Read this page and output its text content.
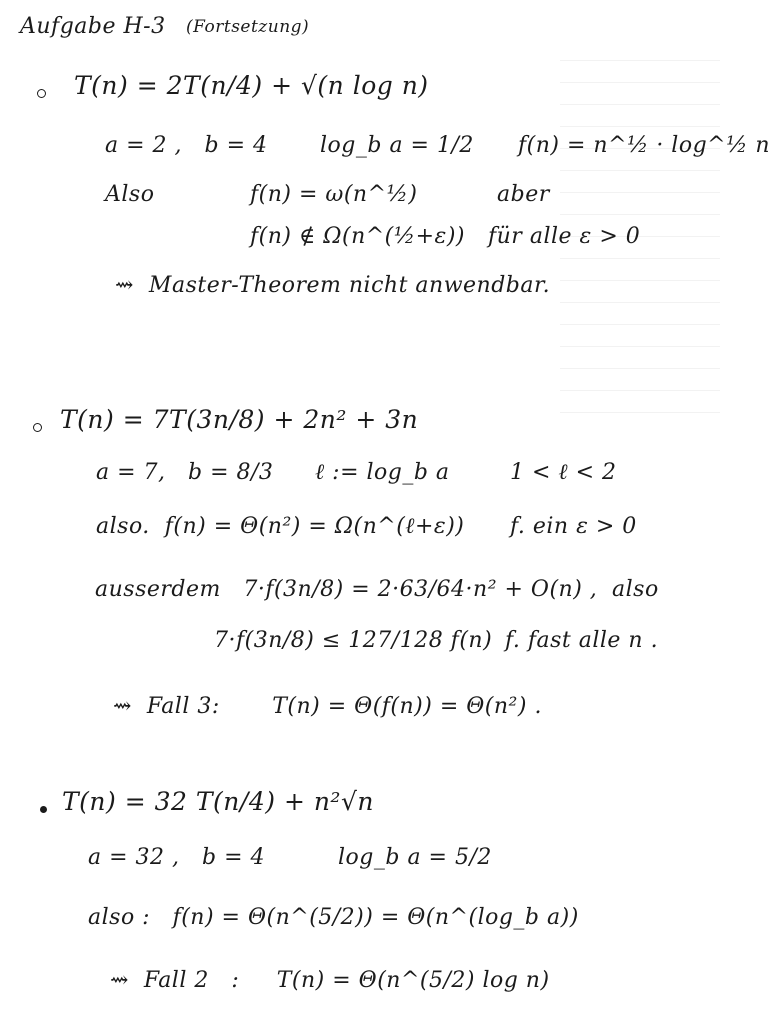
Aufgabe H-3 (Fortsetzung)
T(n) = 2T(n/4) + √(n log n)
a = 2 ,   b = 4 log_b a = 1/2 f(n) = n^½ · log^½ n
Also	f(n) = ω(n^½)	aber
f(n) ∉ Ω(n^(½+ε)) für alle ε > 0
⇝  Master-Theorem nicht anwendbar.
T(n) = 7T(3n/8) + 2n² + 3n
a = 7,   b = 8/3 ℓ := log_b a	1 < ℓ < 2
also.  f(n) = Θ(n²) = Ω(n^(ℓ+ε)) f. ein ε > 0
ausserdem   7·f(3n/8) = 2·63/64·n² + O(n) , also
7·f(3n/8) ≤ 127/128 f(n) f. fast alle n .
⇝  Fall 3:       T(n) = Θ(f(n)) = Θ(n²) .
T(n) = 32 T(n/4) + n²√n
a = 32 ,   b = 4	log_b a = 5/2
also :   f(n) = Θ(n^(5/2)) = Θ(n^(log_b a))
⇝  Fall 2   :     T(n) = Θ(n^(5/2) log n)
